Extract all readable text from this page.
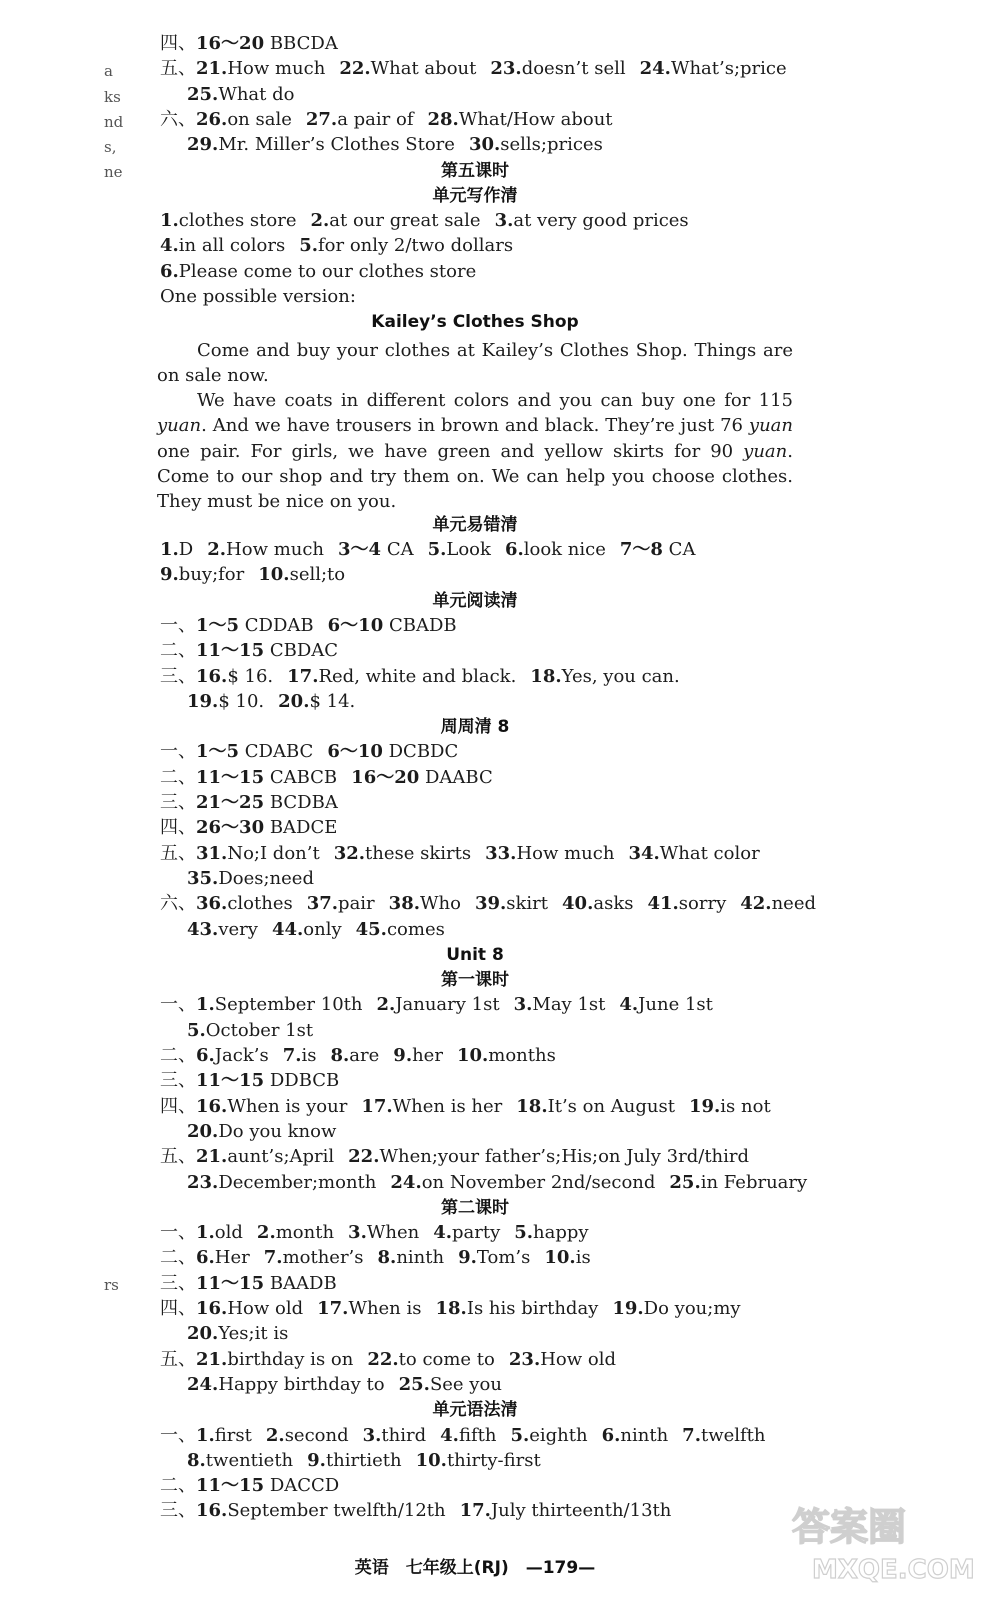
a
ks
nd
s,
ne
rs
四、16～20 BBCDA
五、21.How much 22.What about 23.doesn’t sell 24.What’s;price
25.What do
六、26.on sale 27.a pair of 28.What/How about
29.Mr. Miller’s Clothes Store 30.sells;prices
第五课时
单元写作清
1.clothes store 2.at our great sale 3.at very good prices
4.in all colors 5.for only 2/two dollars
6.Please come to our clothes store
One possible version:
Kailey’s Clothes Shop
Come and buy your clothes at Kailey’s Clothes Shop. Things are on sale now.
We have coats in different colors and you can buy one for 115 yuan. And we have trousers in brown and black. They’re just 76 yuan one pair. For girls, we have green and yellow skirts for 90 yuan. Come to our shop and try them on. We can help you choose clothes. They must be nice on you.
单元易错清
1.D 2.How much 3～4 CA 5.Look 6.look nice 7～8 CA
9.buy;for 10.sell;to
单元阅读清
一、1～5 CDDAB 6～10 CBADB
二、11～15 CBDAC
三、16.$ 16. 17.Red, white and black. 18.Yes, you can.
19.$ 10. 20.$ 14.
周周清 8
一、1～5 CDABC 6～10 DCBDC
二、11～15 CABCB 16～20 DAABC
三、21～25 BCDBA
四、26～30 BADCE
五、31.No;I don’t 32.these skirts 33.How much 34.What color
35.Does;need
六、36.clothes 37.pair 38.Who 39.skirt 40.asks 41.sorry 42.need
43.very 44.only 45.comes
Unit 8
第一课时
一、1.September 10th 2.January 1st 3.May 1st 4.June 1st
5.October 1st
二、6.Jack’s 7.is 8.are 9.her 10.months
三、11～15 DDBCB
四、16.When is your 17.When is her 18.It’s on August 19.is not
20.Do you know
五、21.aunt’s;April 22.When;your father’s;His;on July 3rd/third
23.December;month 24.on November 2nd/second 25.in February
第二课时
一、1.old 2.month 3.When 4.party 5.happy
二、6.Her 7.mother’s 8.ninth 9.Tom’s 10.is
三、11～15 BAADB
四、16.How old 17.When is 18.Is his birthday 19.Do you;my
20.Yes;it is
五、21.birthday is on 22.to come to 23.How old
24.Happy birthday to 25.See you
单元语法清
一、1.first 2.second 3.third 4.fifth 5.eighth 6.ninth 7.twelfth
8.twentieth 9.thirtieth 10.thirty-first
二、11～15 DACCD
三、16.September twelfth/12th 17.July thirteenth/13th
英语　七年级上(RJ)　—179—
答案圈
MXQE.COM
